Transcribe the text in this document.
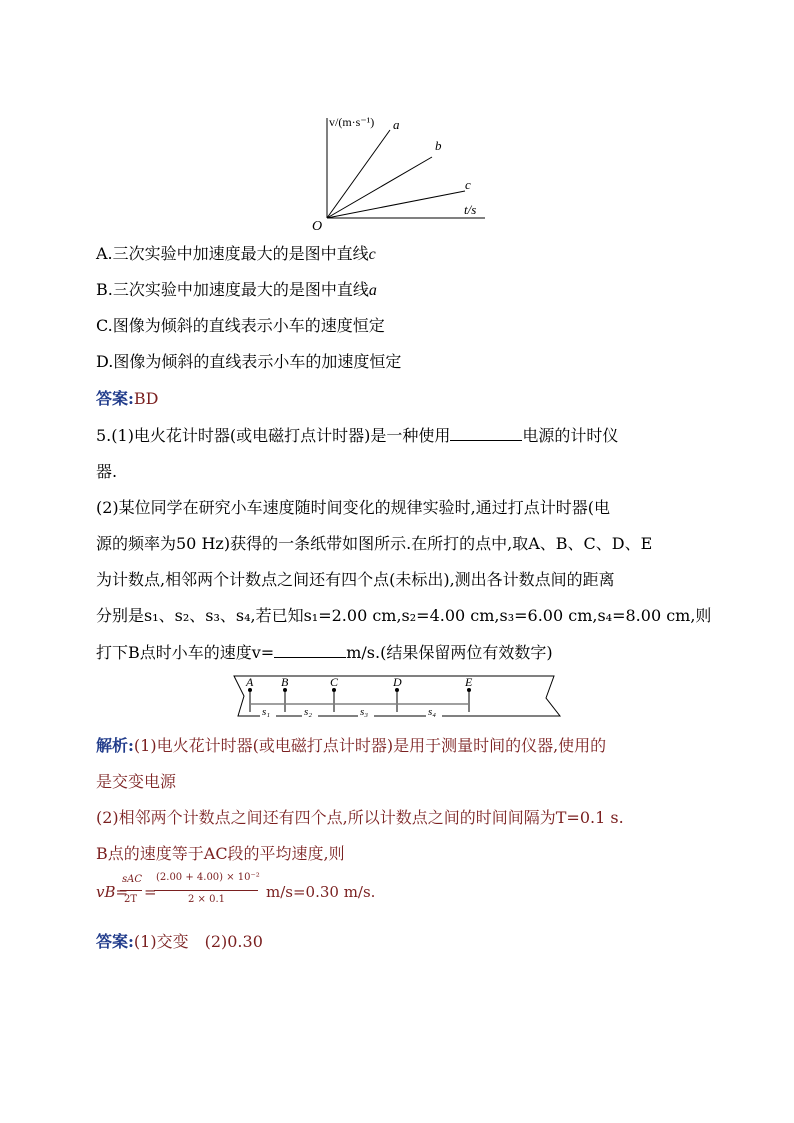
v/(m·s⁻¹)
t/s
O
a
b
c
A.三次实验中加速度最大的是图中直线c
B.三次实验中加速度最大的是图中直线a
C.图像为倾斜的直线表示小车的速度恒定
D.图像为倾斜的直线表示小车的加速度恒定
答案:BD
5.(1)电火花计时器(或电磁打点计时器)是一种使用	电源的计时仪
器.
(2)某位同学在研究小车速度随时间变化的规律实验时,通过打点计时器(电
源的频率为50 Hz)获得的一条纸带如图所示.在所打的点中,取A、B、C、D、E
为计数点,相邻两个计数点之间还有四个点(未标出),测出各计数点间的距离
分别是s₁、s₂、s₃、s₄,若已知s₁=2.00 cm,s₂=4.00 cm,s₃=6.00 cm,s₄=8.00 cm,则
打下B点时小车的速度v=	m/s.(结果保留两位有效数字)
A B	C	D	E
s₁	s₂	s₃	s₄
解析:(1)电火花计时器(或电磁打点计时器)是用于测量时间的仪器,使用的
是交变电源
(2)相邻两个计数点之间还有四个点,所以计数点之间的时间间隔为T=0.1 s.
B点的速度等于AC段的平均速度,则
vB=
sAC
2T =
(2.00 + 4.00) × 10⁻²
2 × 0.1	m/s=0.30 m/s.
答案:(1)交变　(2)0.30
